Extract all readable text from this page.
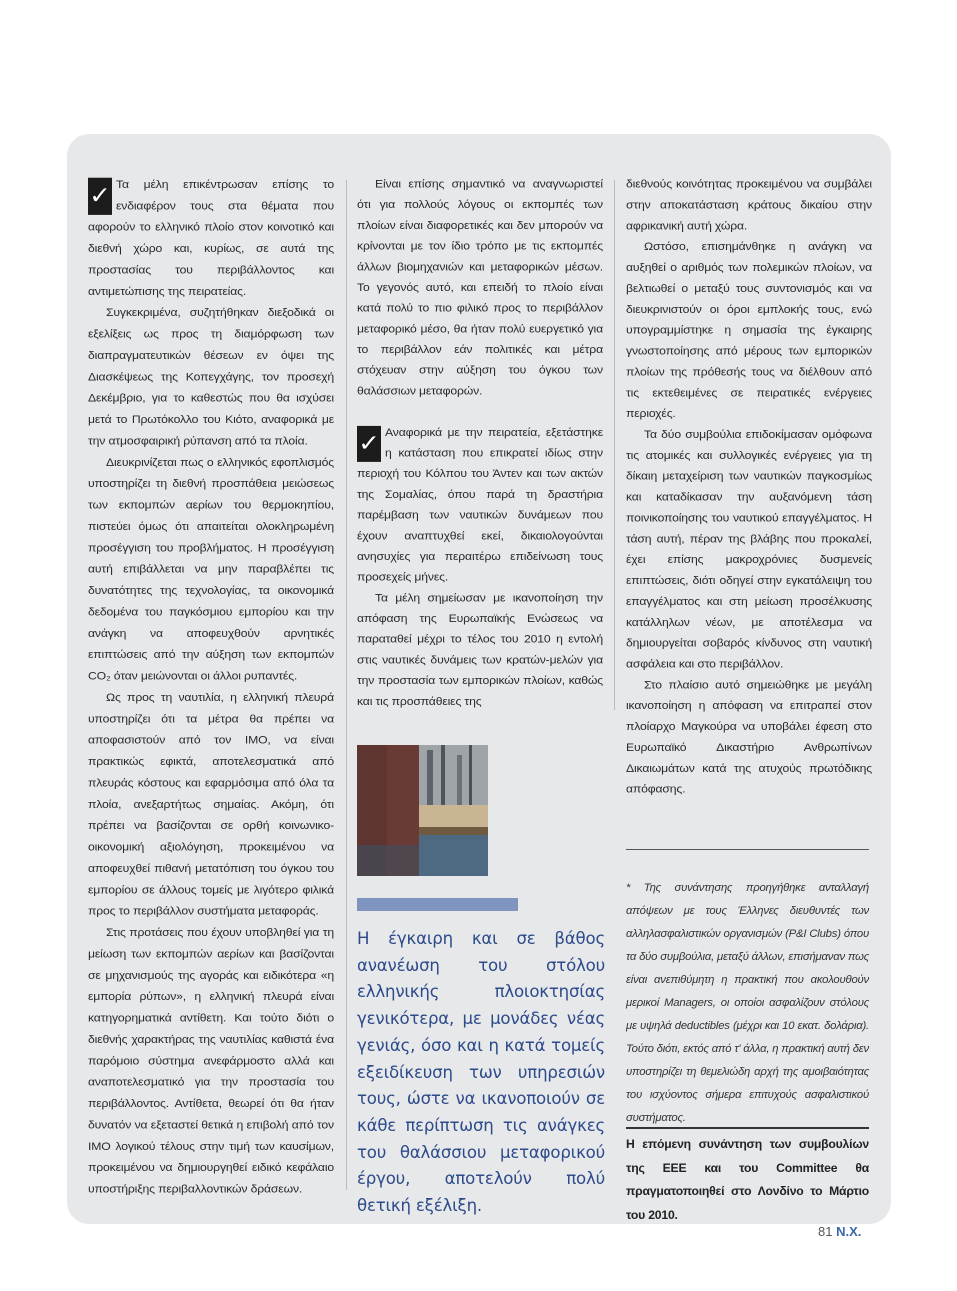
✓ Τα μέλη επικέντρωσαν επίσης το ενδιαφέρον τους στα θέματα που αφορούν το ελληνικό πλοίο στον κοινοτικό και διεθνή χώρο και, κυρίως, σε αυτά της προστασίας του περιβάλλοντος και αντιμετώπισης της πειρατείας.

Συγκεκριμένα, συζητήθηκαν διεξοδικά οι εξελίξεις ως προς τη διαμόρφωση των διαπραγματευτικών θέσεων εν όψει της Διασκέψεως της Κοπεγχάγης, τον προσεχή Δεκέμβριο, για το καθεστώς που θα ισχύσει μετά το Πρωτόκολλο του Κιότο, αναφορικά με την ατμοσφαιρική ρύπανση από τα πλοία.

Διευκρινίζεται πως ο ελληνικός εφοπλισμός υποστηρίζει τη διεθνή προσπάθεια μειώσεως των εκπομπών αερίων του θερμοκηπίου, πιστεύει όμως ότι απαιτείται ολοκληρωμένη προσέγγιση του προβλήματος. Η προσέγγιση αυτή επιβάλλεται να μην παραβλέπει τις δυνατότητες της τεχνολογίας, τα οικονομικά δεδομένα του παγκόσμιου εμπορίου και την ανάγκη να αποφευχθούν αρνητικές επιπτώσεις από την αύξηση των εκπομπών CO₂ όταν μειώνονται οι άλλοι ρυπαντές.

Ως προς τη ναυτιλία, η ελληνική πλευρά υποστηρίζει ότι τα μέτρα θα πρέπει να αποφασιστούν από τον ΙΜΟ, να είναι πρακτικώς εφικτά, αποτελεσματικά από πλευράς κόστους και εφαρμόσιμα από όλα τα πλοία, ανεξαρτήτως σημαίας. Ακόμη, ότι πρέπει να βασίζονται σε ορθή κοινωνικο-οικονομική αξιολόγηση, προκειμένου να αποφευχθεί πιθανή μετατόπιση του όγκου του εμπορίου σε άλλους τομείς με λιγότερο φιλικά προς το περιβάλλον συστήματα μεταφοράς.

Στις προτάσεις που έχουν υποβληθεί για τη μείωση των εκπομπών αερίων και βασίζονται σε μηχανισμούς της αγοράς και ειδικότερα «η εμπορία ρύπων», η ελληνική πλευρά είναι κατηγορηματικά αντίθετη. Και τούτο διότι ο διεθνής χαρακτήρας της ναυτιλίας καθιστά ένα παρόμοιο σύστημα ανεφάρμοστο αλλά και αναποτελεσματικό για την προστασία του περιβάλλοντος. Αντίθετα, θεωρεί ότι θα ήταν δυνατόν να εξεταστεί θετικά η επιβολή από τον ΙΜΟ λογικού τέλους στην τιμή των καυσίμων, προκειμένου να δημιουργηθεί ειδικό κεφάλαιο υποστήριξης περιβαλλοντικών δράσεων.

Είναι επίσης σημαντικό να αναγνωριστεί ότι για πολλούς λόγους οι εκπομπές των πλοίων είναι διαφορετικές και δεν μπορούν να κρίνονται με τον ίδιο τρόπο με τις εκπομπές άλλων βιομηχανιών και μεταφορικών μέσων. Το γεγονός αυτό, και επειδή το πλοίο είναι κατά πολύ το πιο φιλικό προς το περιβάλλον μεταφορικό μέσο, θα ήταν πολύ ευεργετικό για το περιβάλλον εάν πολιτικές και μέτρα στόχευαν στην αύξηση του όγκου των θαλάσσιων μεταφορών.

✓ Αναφορικά με την πειρατεία, εξετάστηκε η κατάσταση που επικρατεί ιδίως στην περιοχή του Κόλπου του Άντεν και των ακτών της Σομαλίας, όπου παρά τη δραστήρια παρέμβαση των ναυτικών δυνάμεων που έχουν αναπτυχθεί εκεί, δικαιολογούνται ανησυχίες για περαιτέρω επιδείνωση τους προσεχείς μήνες.

Τα μέλη σημείωσαν με ικανοποίηση την απόφαση της Ευρωπαϊκής Ενώσεως να παραταθεί μέχρι το τέλος του 2010 η εντολή στις ναυτικές δυνάμεις των κρατών-μελών για την προστασία των εμπορικών πλοίων, καθώς και τις προσπάθειες της

διεθνούς κοινότητας προκειμένου να συμβάλει στην αποκατάσταση κράτους δικαίου στην αφρικανική αυτή χώρα.

Ωστόσο, επισημάνθηκε η ανάγκη να αυξηθεί ο αριθμός των πολεμικών πλοίων, να βελτιωθεί ο μεταξύ τους συντονισμός και να διευκρινιστούν οι όροι εμπλοκής τους, ενώ υπογραμμίστηκε η σημασία της έγκαιρης γνωστοποίησης από μέρους των εμπορικών πλοίων της πρόθεσής τους να διέλθουν από τις εκτεθειμένες σε πειρατικές ενέργειες περιοχές.

Τα δύο συμβούλια επιδοκίμασαν ομόφωνα τις ατομικές και συλλογικές ενέργειες για τη δίκαιη μεταχείριση των ναυτικών παγκοσμίως και καταδίκασαν την αυξανόμενη τάση ποινικοποίησης του ναυτικού επαγγέλματος. Η τάση αυτή, πέραν της βλάβης που προκαλεί, έχει επίσης μακροχρόνιες δυσμενείς επιπτώσεις, διότι οδηγεί στην εγκατάλειψη του επαγγέλματος και στη μείωση προσέλκυσης κατάλληλων νέων, με αποτέλεσμα να δημιουργείται σοβαρός κίνδυνος στη ναυτική ασφάλεια και στο περιβάλλον.

Στο πλαίσιο αυτό σημειώθηκε με μεγάλη ικανοποίηση η απόφαση να επιτραπεί στον πλοίαρχο Μαγκούρα να υποβάλει έφεση στο Ευρωπαϊκό Δικαστήριο Ανθρωπίνων Δικαιωμάτων κατά της ατυχούς πρωτόδικης απόφασης.

Η έγκαιρη και σε βάθος ανανέωση του στόλου ελληνικής πλοιοκτησίας γενικότερα, με μονάδες νέας γενιάς, όσο και η κατά τομείς εξειδίκευση των υπηρεσιών τους, ώστε να ικανοποιούν σε κάθε περίπτωση τις ανάγκες του θαλάσσιου μεταφορικού έργου, αποτελούν πολύ θετική εξέλιξη.
* Της συνάντησης προηγήθηκε ανταλλαγή απόψεων με τους Έλληνες διευθυντές των αλληλασφαλιστικών οργανισμών (P&I Clubs) όπου τα δύο συμβούλια, μεταξύ άλλων, επισήμαναν πως είναι ανεπιθύμητη η πρακτική που ακολουθούν μερικοί Managers, οι οποίοι ασφαλίζουν στόλους με υψηλά deductibles (μέχρι και 10 εκατ. δολάρια). Τούτο διότι, εκτός από τ' άλλα, η πρακτική αυτή δεν υποστηρίζει τη θεμελιώδη αρχή της αμοιβαιότητας του ισχύοντος σήμερα επιτυχούς ασφαλιστικού συστήματος.
Η επόμενη συνάντηση των συμβουλίων της ΕΕΕ και του Committee θα πραγματοποιηθεί στο Λονδίνο το Μάρτιο του 2010.
81 Ν.Χ.
